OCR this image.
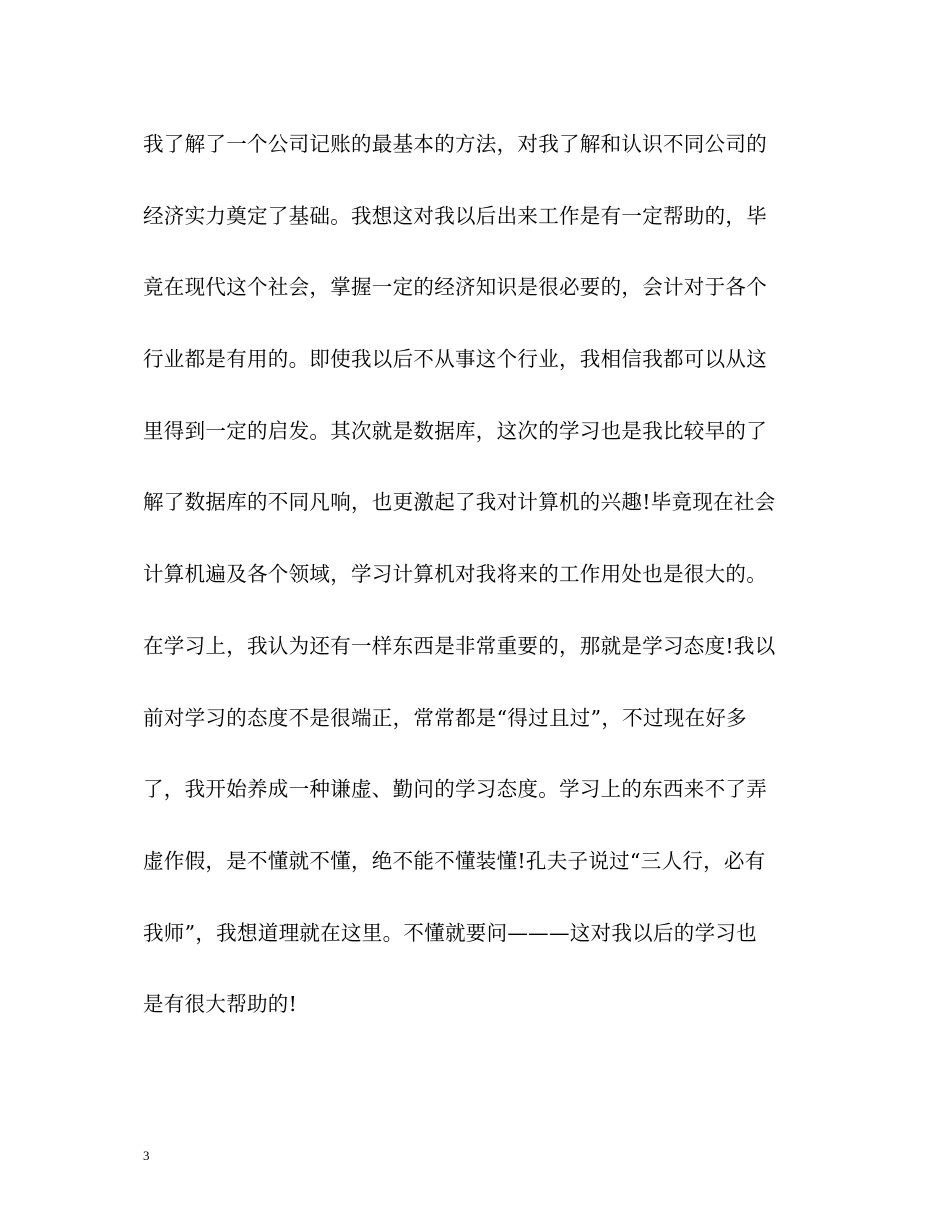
我了解了一个公司记账的最基本的方法，对我了解和认识不同公司的
经济实力奠定了基础。我想这对我以后出来工作是有一定帮助的，毕
竟在现代这个社会，掌握一定的经济知识是很必要的，会计对于各个
行业都是有用的。即使我以后不从事这个行业，我相信我都可以从这
里得到一定的启发。其次就是数据库，这次的学习也是我比较早的了
解了数据库的不同凡响，也更激起了我对计算机的兴趣!毕竟现在社会
计算机遍及各个领域，学习计算机对我将来的工作用处也是很大的。
在学习上，我认为还有一样东西是非常重要的，那就是学习态度!我以
前对学习的态度不是很端正，常常都是“得过且过”，不过现在好多
了，我开始养成一种谦虚、勤问的学习态度。学习上的东西来不了弄
虚作假，是不懂就不懂，绝不能不懂装懂!孔夫子说过“三人行，必有
我师”，我想道理就在这里。不懂就要问———这对我以后的学习也
是有很大帮助的!
3
